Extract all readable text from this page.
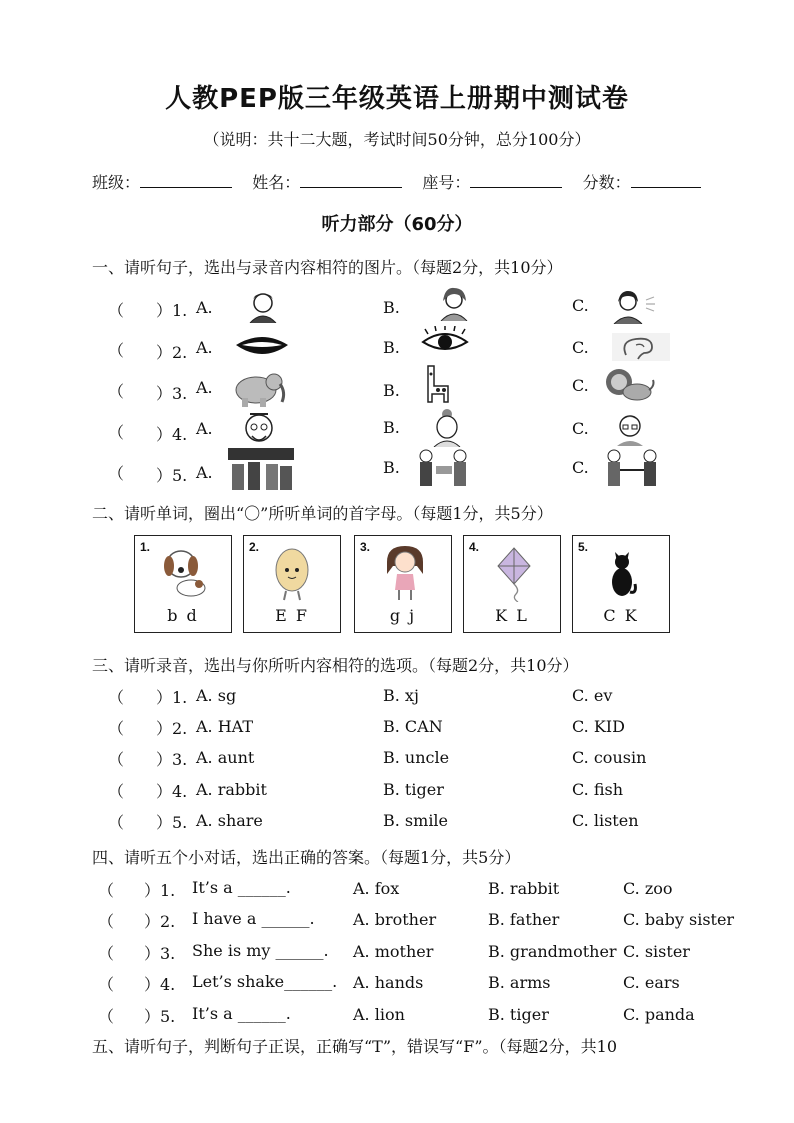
人教PEP版三年级英语上册期中测试卷
（说明：共十二大题，考试时间50分钟，总分100分）
班级：	姓名：	座号：	分数：
听力部分（60分）
一、请听句子，选出与录音内容相符的图片。（每题2分，共10分）
（ ）1. A.	B.	C.
（ ）2. A.	B.	C.
（ ）3. A.	B.	C.
（ ）4. A.	B.	C.
（ ）5. A.	B.	C.
二、请听单词，圈出“〇”所听单词的首字母。（每题1分，共5分）
1.
b d
2.
E F
3.
g j
4.
K L
5.
C K
三、请听录音，选出与你所听内容相符的选项。（每题2分，共10分）
（ ）1. A. sg	B. xj	C. ev
（ ）2. A. HAT	B. CAN	C. KID
（ ）3. A. aunt	B. uncle	C. cousin
（ ）4. A. rabbit	B. tiger	C. fish
（ ）5. A. share	B. smile	C. listen
四、请听五个小对话，选出正确的答案。（每题1分，共5分）
（ ）1. It’s a ______.	A. fox	B. rabbit	C. zoo
（ ）2. I have a ______. A. brother	B. father	C. baby sister
（ ）3. She is my ______. A. mother	B. grandmother C. sister
（ ）4. Let’s shake______. A. hands	B. arms	C. ears
（ ）5. It’s a ______.	A. lion	B. tiger	C. panda
五、请听句子，判断句子正误，正确写“T”，错误写“F”。（每题2分，共10
